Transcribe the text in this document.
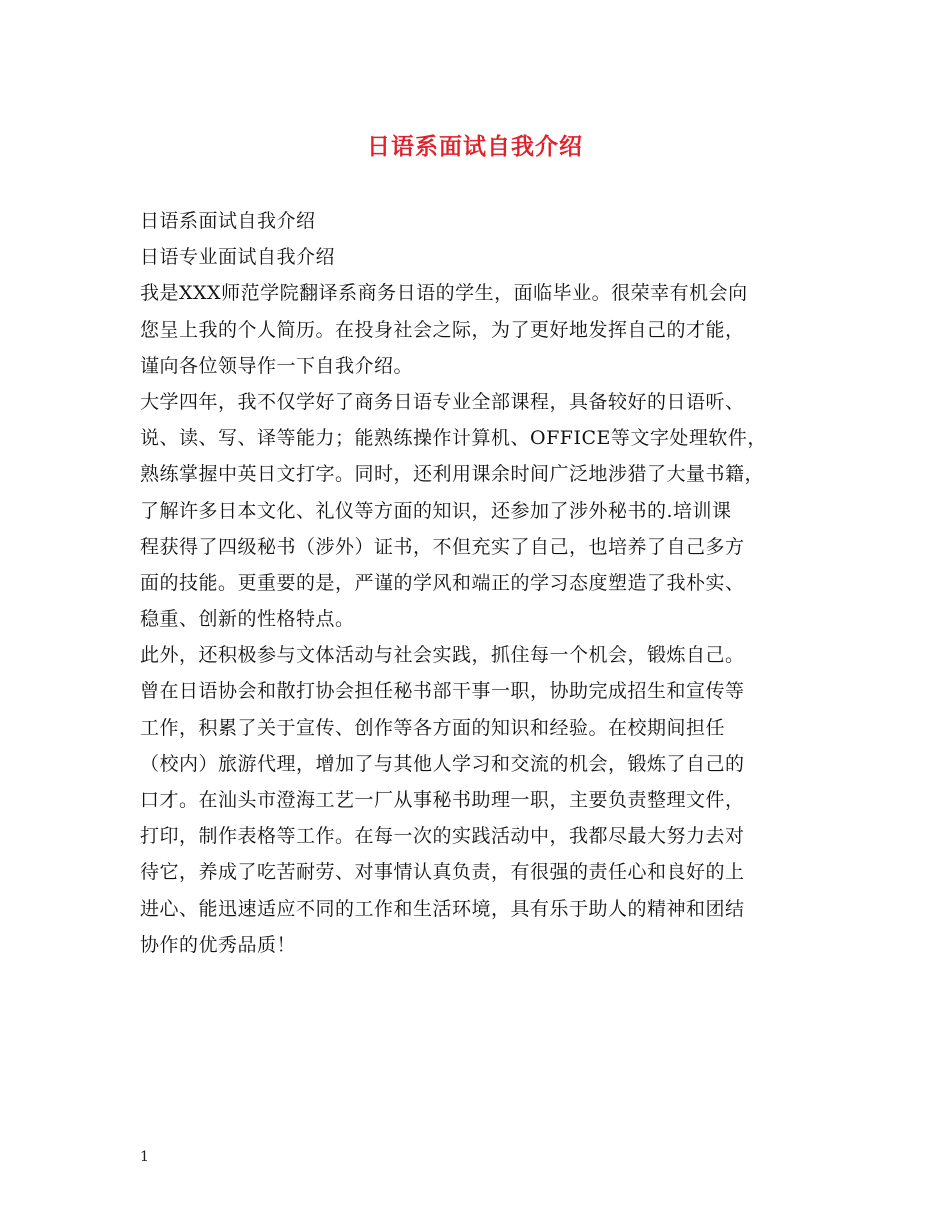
日语系面试自我介绍
日语系面试自我介绍
日语专业面试自我介绍
我是XXX师范学院翻译系商务日语的学生，面临毕业。很荣幸有机会向
您呈上我的个人简历。在投身社会之际，为了更好地发挥自己的才能，
谨向各位领导作一下自我介绍。
大学四年，我不仅学好了商务日语专业全部课程，具备较好的日语听、
说、读、写、译等能力；能熟练操作计算机、OFFICE等文字处理软件，
熟练掌握中英日文打字。同时，还利用课余时间广泛地涉猎了大量书籍，
了解许多日本文化、礼仪等方面的知识，还参加了涉外秘书的.培训课
程获得了四级秘书（涉外）证书，不但充实了自己，也培养了自己多方
面的技能。更重要的是，严谨的学风和端正的学习态度塑造了我朴实、
稳重、创新的性格特点。
此外，还积极参与文体活动与社会实践，抓住每一个机会，锻炼自己。
曾在日语协会和散打协会担任秘书部干事一职，协助完成招生和宣传等
工作，积累了关于宣传、创作等各方面的知识和经验。在校期间担任
（校内）旅游代理，增加了与其他人学习和交流的机会，锻炼了自己的
口才。在汕头市澄海工艺一厂从事秘书助理一职，主要负责整理文件，
打印，制作表格等工作。在每一次的实践活动中，我都尽最大努力去对
待它，养成了吃苦耐劳、对事情认真负责，有很强的责任心和良好的上
进心、能迅速适应不同的工作和生活环境，具有乐于助人的精神和团结
协作的优秀品质！
1
